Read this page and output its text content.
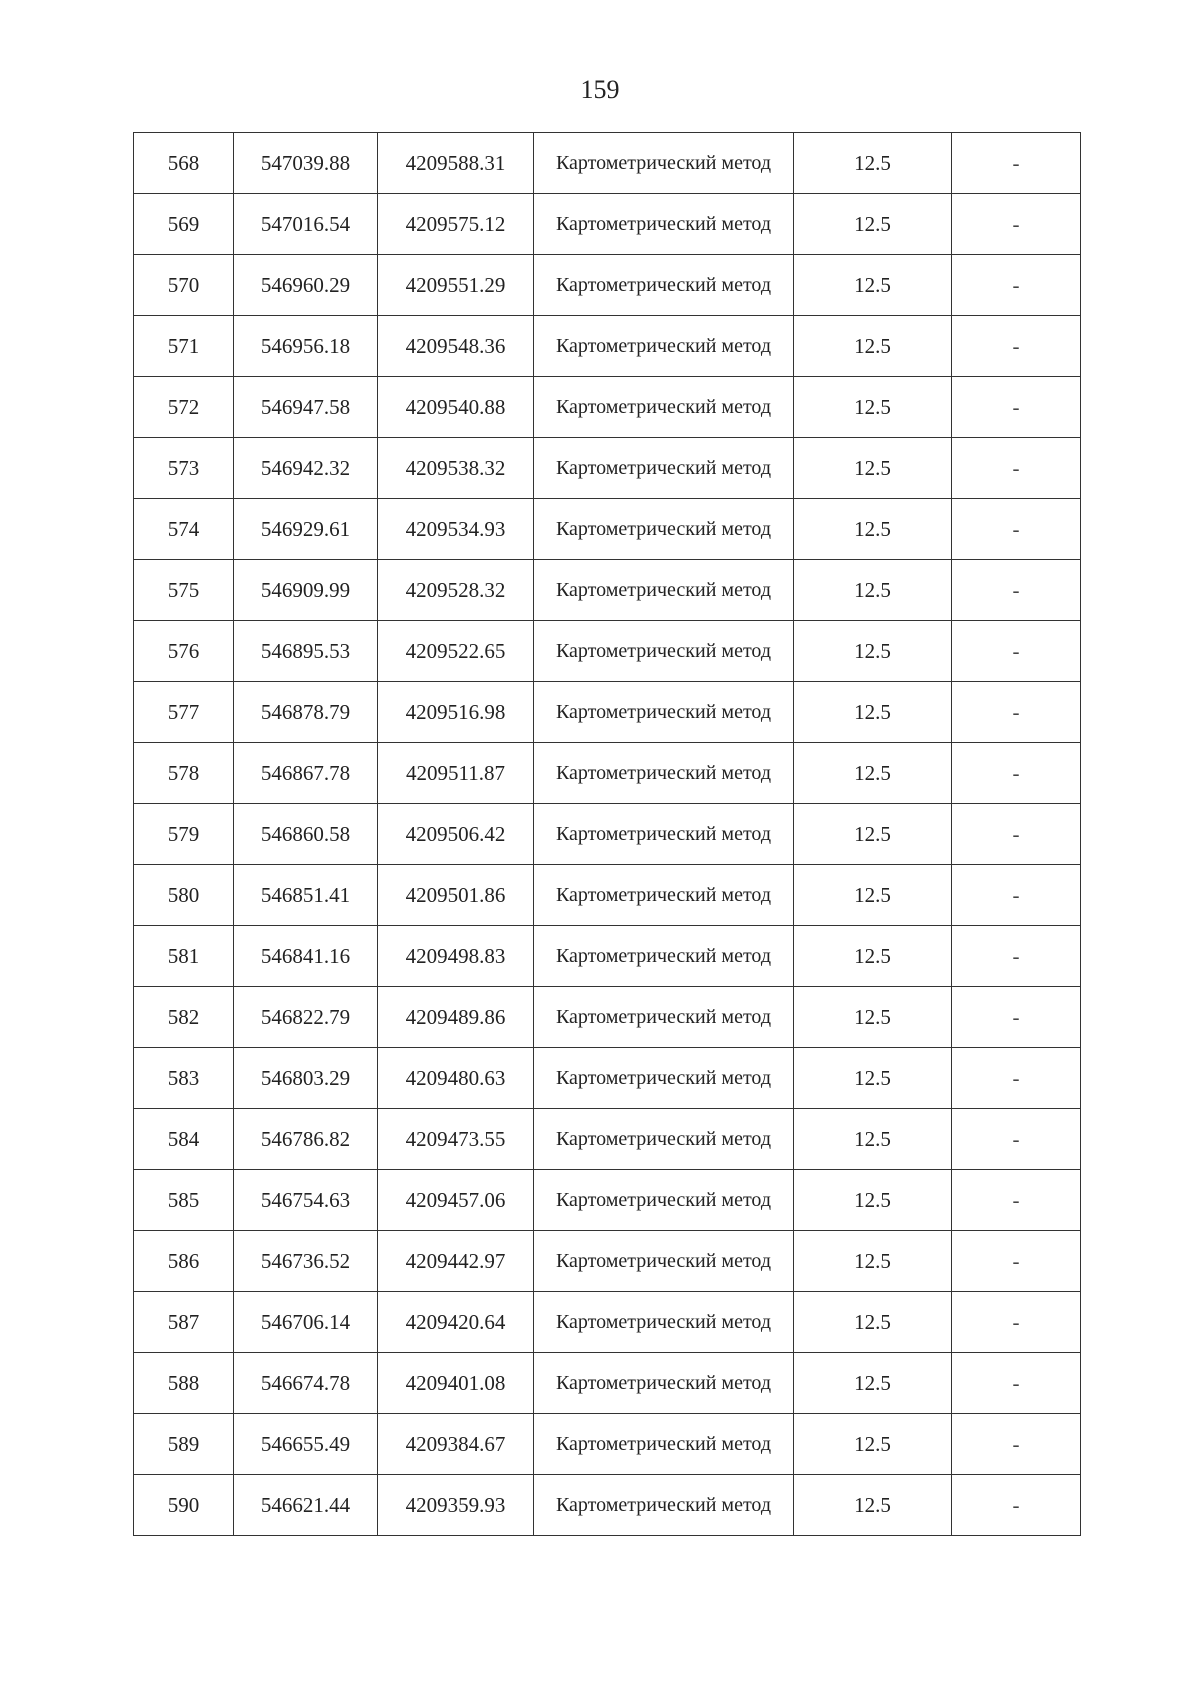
159
568	547039.88	4209588.31	Картометрический метод	12.5	-
569	547016.54	4209575.12	Картометрический метод	12.5	-
570	546960.29	4209551.29	Картометрический метод	12.5	-
571	546956.18	4209548.36	Картометрический метод	12.5	-
572	546947.58	4209540.88	Картометрический метод	12.5	-
573	546942.32	4209538.32	Картометрический метод	12.5	-
574	546929.61	4209534.93	Картометрический метод	12.5	-
575	546909.99	4209528.32	Картометрический метод	12.5	-
576	546895.53	4209522.65	Картометрический метод	12.5	-
577	546878.79	4209516.98	Картометрический метод	12.5	-
578	546867.78	4209511.87	Картометрический метод	12.5	-
579	546860.58	4209506.42	Картометрический метод	12.5	-
580	546851.41	4209501.86	Картометрический метод	12.5	-
581	546841.16	4209498.83	Картометрический метод	12.5	-
582	546822.79	4209489.86	Картометрический метод	12.5	-
583	546803.29	4209480.63	Картометрический метод	12.5	-
584	546786.82	4209473.55	Картометрический метод	12.5	-
585	546754.63	4209457.06	Картометрический метод	12.5	-
586	546736.52	4209442.97	Картометрический метод	12.5	-
587	546706.14	4209420.64	Картометрический метод	12.5	-
588	546674.78	4209401.08	Картометрический метод	12.5	-
589	546655.49	4209384.67	Картометрический метод	12.5	-
590	546621.44	4209359.93	Картометрический метод	12.5	-
